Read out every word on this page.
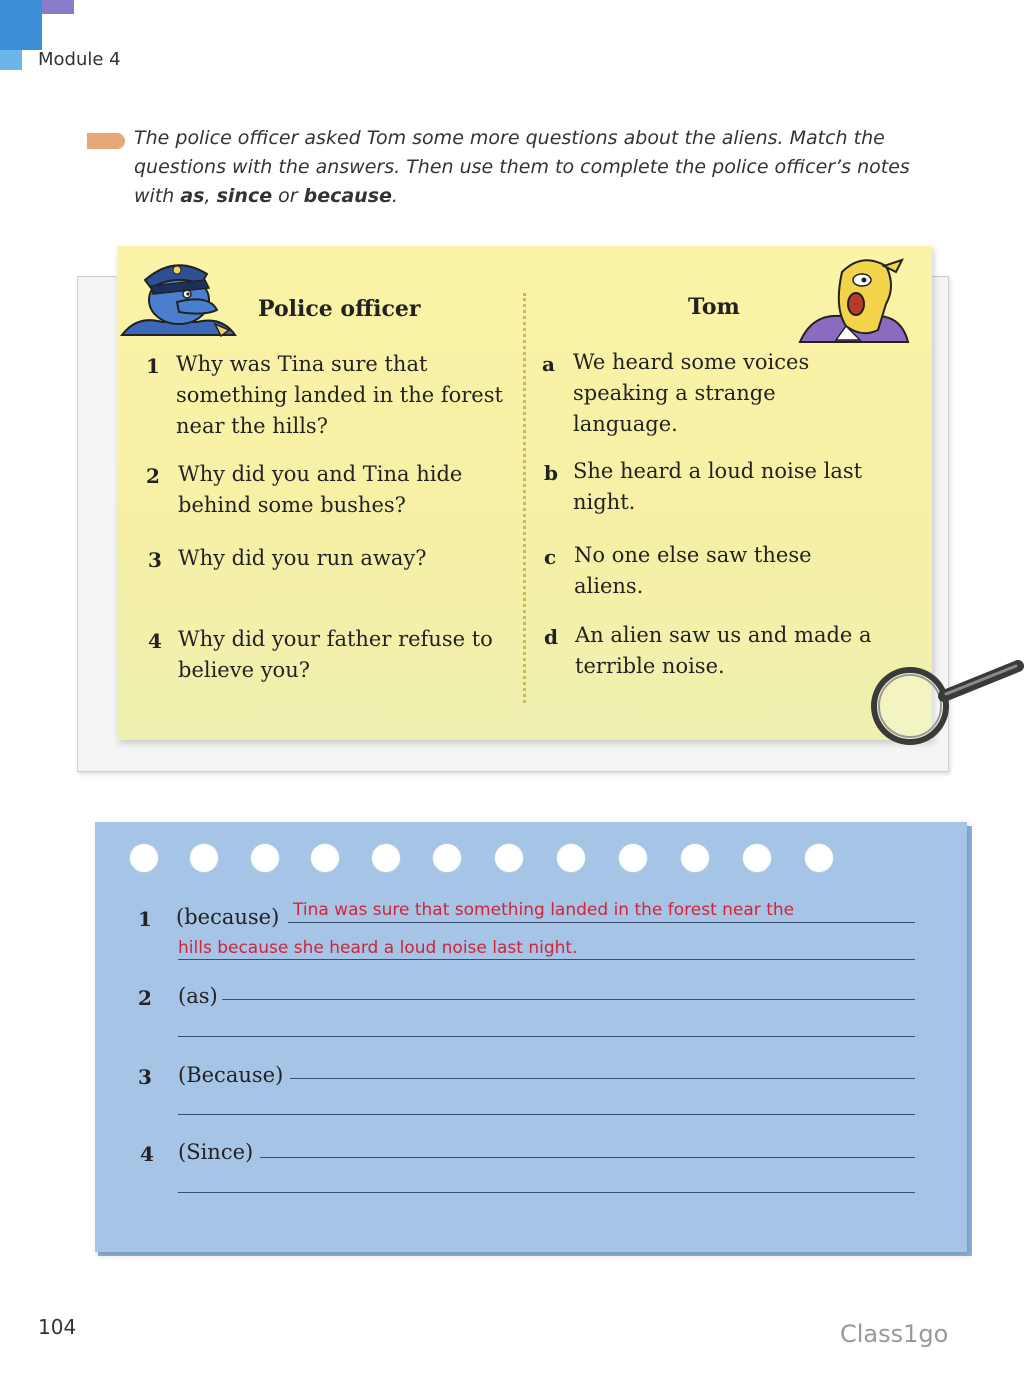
Module 4
The police officer asked Tom some more questions about the aliens. Match the questions with the answers. Then use them to complete the police officer’s notes with as, since or because.
Police officer	Tom
1 Why was Tina sure that
something landed in the forest
near the hills?
2 Why did you and Tina hide
behind some bushes?
3 Why did you run away?
4 Why did your father refuse to
believe you?
a We heard some voices
speaking a strange
language.
b She heard a loud noise last
night.
c No one else saw these
aliens.
d An alien saw us and made a
terrible noise.
1 (because) Tina was sure that something landed in the forest near the
hills because she heard a loud noise last night.
2 (as)
3 (Because)
4 (Since)
104	Class1go
